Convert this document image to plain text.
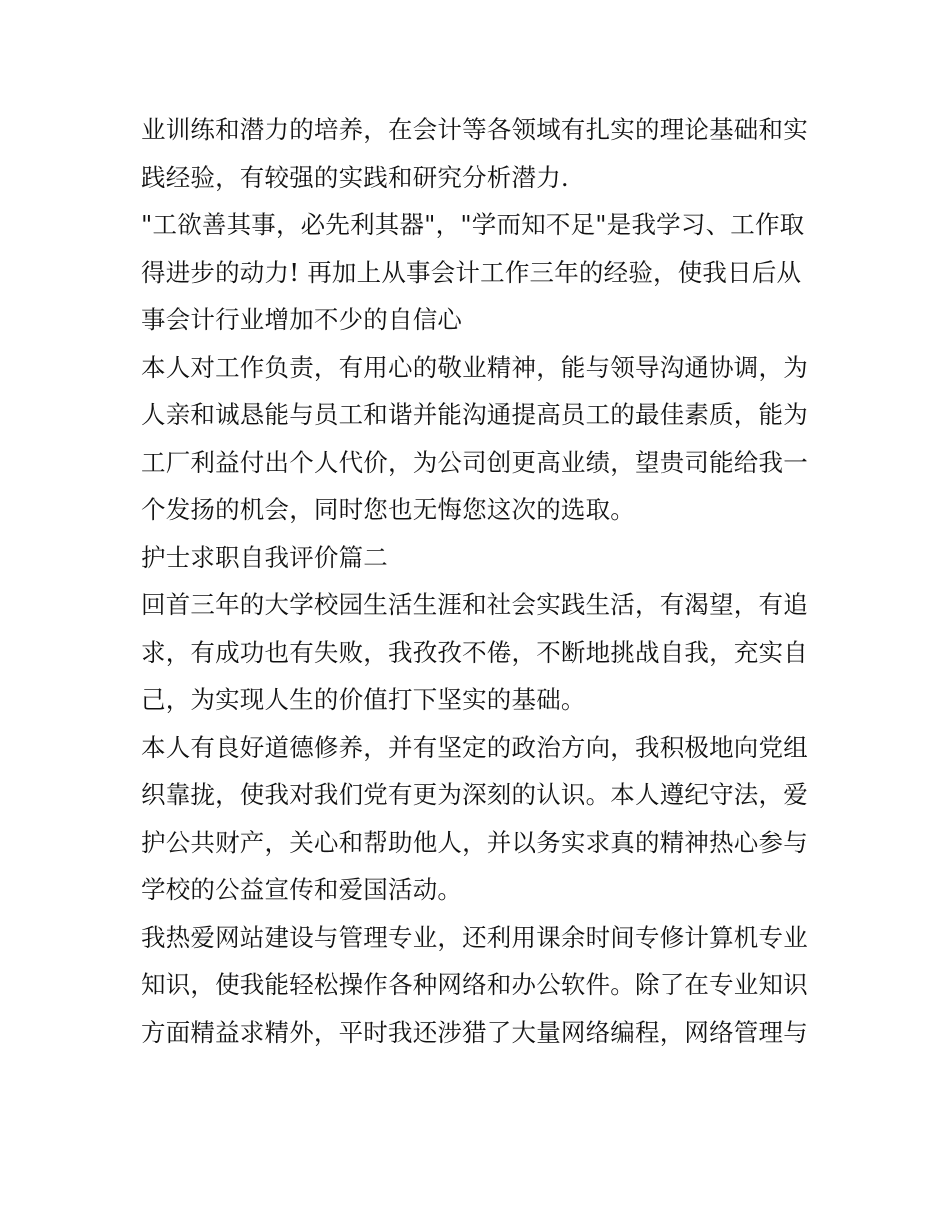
业训练和潜力的培养，在会计等各领域有扎实的理论基础和实
践经验，有较强的实践和研究分析潜力.
"工欲善其事，必先利其器"，"学而知不足"是我学习、工作取
得进步的动力! 再加上从事会计工作三年的经验，使我日后从
事会计行业增加不少的自信心
本人对工作负责，有用心的敬业精神，能与领导沟通协调，为
人亲和诚恳能与员工和谐并能沟通提高员工的最佳素质，能为
工厂利益付出个人代价，为公司创更高业绩，望贵司能给我一
个发扬的机会，同时您也无悔您这次的选取。
护士求职自我评价篇二
回首三年的大学校园生活生涯和社会实践生活，有渴望，有追
求，有成功也有失败，我孜孜不倦，不断地挑战自我，充实自
己，为实现人生的价值打下坚实的基础。
本人有良好道德修养，并有坚定的政治方向，我积极地向党组
织靠拢，使我对我们党有更为深刻的认识。本人遵纪守法，爱
护公共财产，关心和帮助他人，并以务实求真的精神热心参与
学校的公益宣传和爱国活动。
我热爱网站建设与管理专业，还利用课余时间专修计算机专业
知识，使我能轻松操作各种网络和办公软件。除了在专业知识
方面精益求精外，平时我还涉猎了大量网络编程，网络管理与
